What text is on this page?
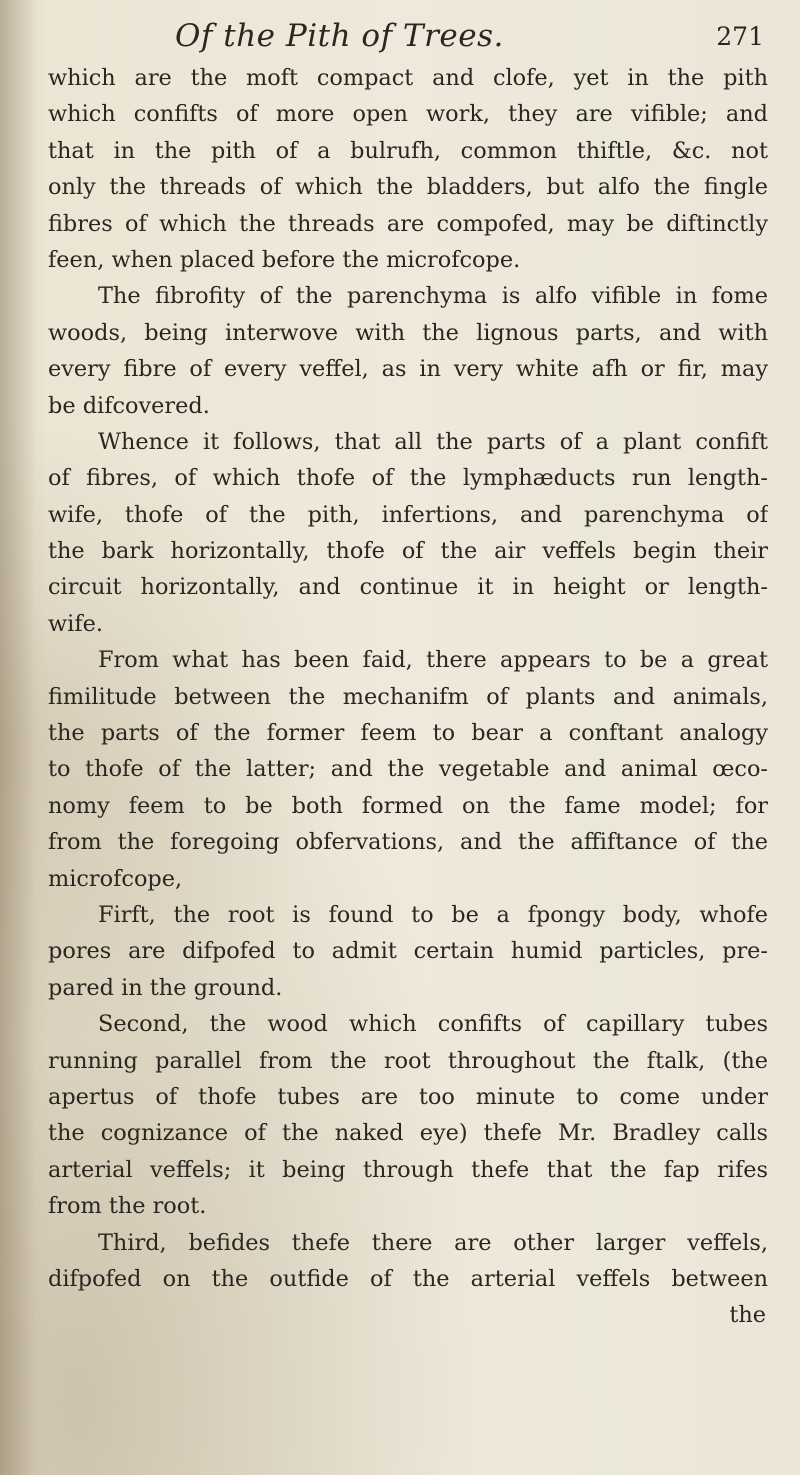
Of the Pith of Trees.	271
which are the moft compact and clofe, yet in the pith
which confifts of more open work, they are vifible; and
that in the pith of a bulrufh, common thiftle, &c. not
only the threads of which the bladders, but alfo the fingle
fibres of which the threads are compofed, may be diftinctly
feen, when placed before the microfcope.
The fibrofity of the parenchyma is alfo vifible in fome
woods, being interwove with the lignous parts, and with
every fibre of every veffel, as in very white afh or fir, may
be difcovered.
Whence it follows, that all the parts of a plant confift
of fibres, of which thofe of the lymphæducts run length-
wife, thofe of the pith, infertions, and parenchyma of
the bark horizontally, thofe of the air veffels begin their
circuit horizontally, and continue it in height or length-
wife.
From what has been faid, there appears to be a great
fimilitude between the mechanifm of plants and animals,
the parts of the former feem to bear a conftant analogy
to thofe of the latter; and the vegetable and animal œco-
nomy feem to be both formed on the fame model; for
from the foregoing obfervations, and the affiftance of the
microfcope,
Firft, the root is found to be a fpongy body, whofe
pores are difpofed to admit certain humid particles, pre-
pared in the ground.
Second, the wood which confifts of capillary tubes
running parallel from the root throughout the ftalk, (the
apertus of thofe tubes are too minute to come under
the cognizance of the naked eye) thefe Mr. Bradley calls
arterial veffels; it being through thefe that the fap rifes
from the root.
Third, befides thefe there are other larger veffels,
difpofed on the outfide of the arterial veffels between
the
